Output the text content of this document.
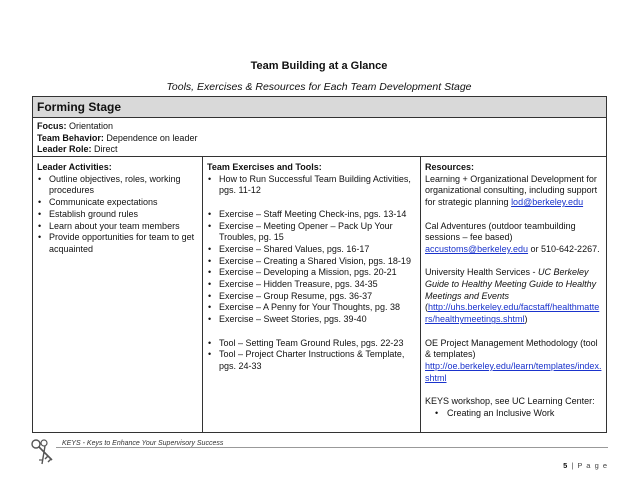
Team Building at a Glance
Tools, Exercises & Resources for Each Team Development Stage
Forming Stage
Focus: Orientation
Team Behavior: Dependence on leader
Leader Role: Direct
Leader Activities:
• Outline objectives, roles, working procedures
• Communicate expectations
• Establish ground rules
• Learn about your team members
• Provide opportunities for team to get acquainted
Team Exercises and Tools:
• How to Run Successful Team Building Activities, pgs. 11-12
• Exercise – Staff Meeting Check-ins, pgs. 13-14
• Exercise – Meeting Opener – Pack Up Your Troubles, pg. 15
• Exercise – Shared Values, pgs. 16-17
• Exercise – Creating a Shared Vision, pgs. 18-19
• Exercise – Developing a Mission, pgs. 20-21
• Exercise – Hidden Treasure, pgs. 34-35
• Exercise – Group Resume, pgs. 36-37
• Exercise – A Penny for Your Thoughts, pg. 38
• Exercise – Sweet Stories, pgs. 39-40
• Tool – Setting Team Ground Rules, pgs. 22-23
• Tool – Project Charter Instructions & Template, pgs. 24-33
Resources:

Learning + Organizational Development for organizational consulting, including support for strategic planning lod@berkeley.edu

Cal Adventures (outdoor teambuilding sessions – fee based)
accustoms@berkeley.edu or 510-642-2267.

University Health Services - UC Berkeley Guide to Healthy Meeting Guide to Healthy Meetings and Events
(http://uhs.berkeley.edu/facstaff/healthmatters/healthymeetings.shtml)

OE Project Management Methodology (tool & templates)
http://oe.berkeley.edu/learn/templates/index.shtml

KEYS workshop, see UC Learning Center:
• Creating an Inclusive Work
KEYS - Keys to Enhance Your Supervisory Success
5 | P a g e
